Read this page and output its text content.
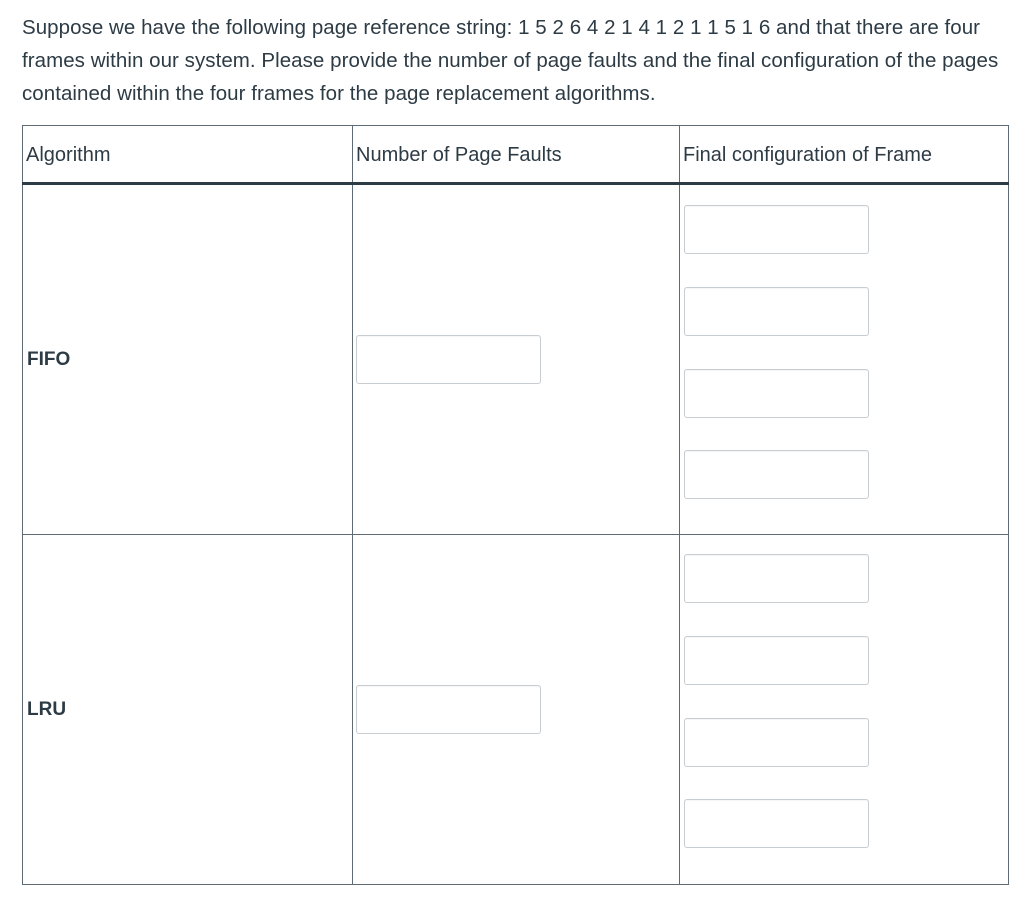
Suppose we have the following page reference string: 1 5 2 6 4 2 1 4 1 2 1 1 5 1 6 and that there are four frames within our system. Please provide the number of page faults and the final configuration of the pages contained within the four frames for the page replacement algorithms.
Algorithm	Number of Page Faults	Final configuration of Frame
FIFO	

LRU	
